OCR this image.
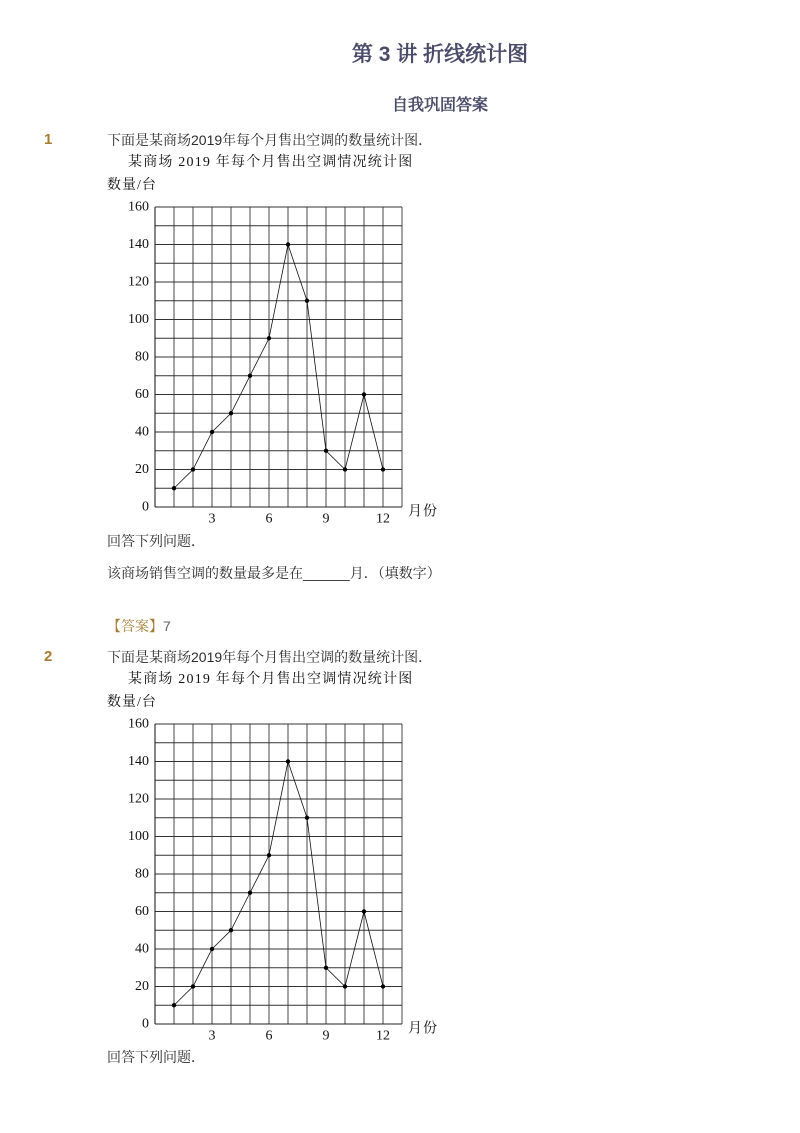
第 3 讲 折线统计图
自我巩固答案
1	下面是某商场2019年每个月售出空调的数量统计图．
某商场 2019 年每个月售出空调情况统计图
数量/台
0
20
40
60
80
100
120
140
160
3	6	9	12 月份
回答下列问题．
该商场销售空调的数量最多是在______月．（填数字）
【答案】7
2	下面是某商场2019年每个月售出空调的数量统计图．
某商场 2019 年每个月售出空调情况统计图
数量/台
0
20
40
60
80
100
120
140
160
3	6	9	12 月份
回答下列问题．
